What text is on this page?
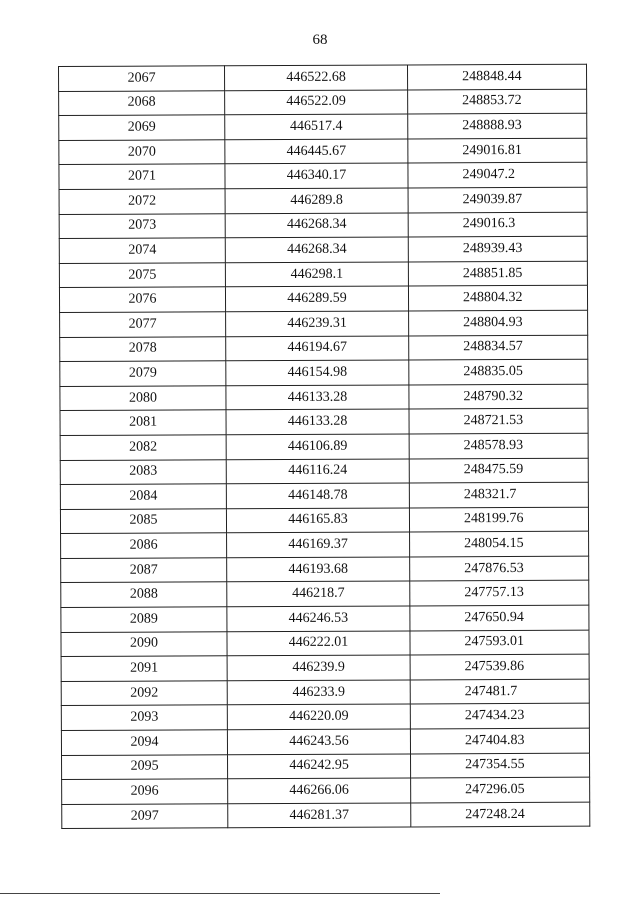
68
2067	446522.68	248848.44
2068	446522.09	248853.72
2069	446517.4	248888.93
2070	446445.67	249016.81
2071	446340.17	249047.2
2072	446289.8	249039.87
2073	446268.34	249016.3
2074	446268.34	248939.43
2075	446298.1	248851.85
2076	446289.59	248804.32
2077	446239.31	248804.93
2078	446194.67	248834.57
2079	446154.98	248835.05
2080	446133.28	248790.32
2081	446133.28	248721.53
2082	446106.89	248578.93
2083	446116.24	248475.59
2084	446148.78	248321.7
2085	446165.83	248199.76
2086	446169.37	248054.15
2087	446193.68	247876.53
2088	446218.7	247757.13
2089	446246.53	247650.94
2090	446222.01	247593.01
2091	446239.9	247539.86
2092	446233.9	247481.7
2093	446220.09	247434.23
2094	446243.56	247404.83
2095	446242.95	247354.55
2096	446266.06	247296.05
2097	446281.37	247248.24
